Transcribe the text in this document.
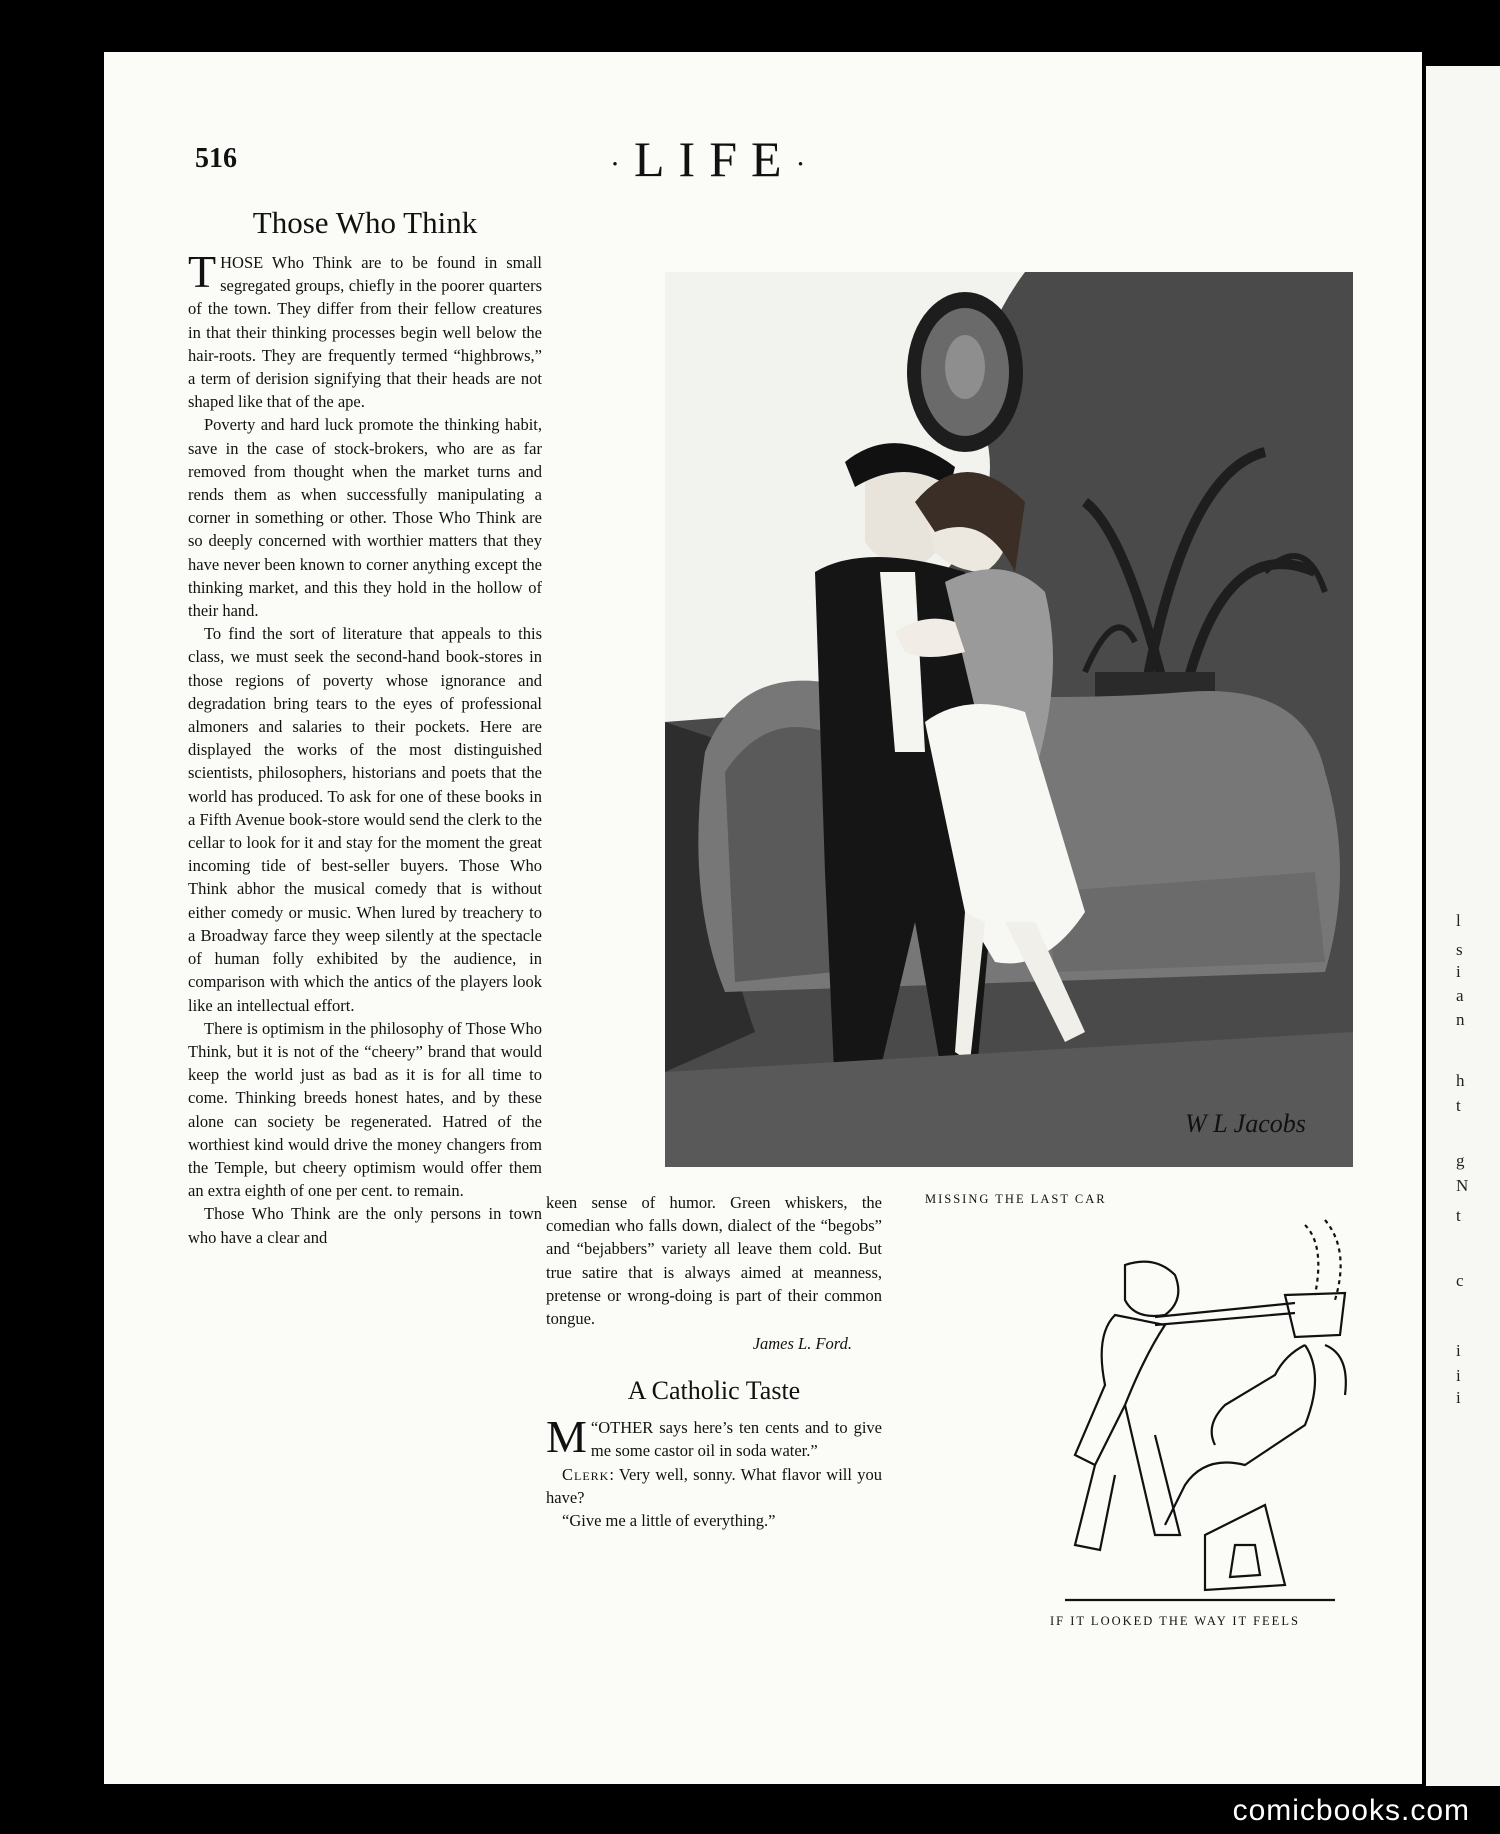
l
s
i
a
n
h
t
g
N
t
c
i
i
i
516	·LIFE·
Those Who Think

THOSE Who Think are to be found in small segregated groups, chiefly in the poorer quarters of the town. They differ from their fellow creatures in that their thinking processes begin well below the hair-roots. They are frequently termed “highbrows,” a term of derision signifying that their heads are not shaped like that of the ape.

Poverty and hard luck promote the thinking habit, save in the case of stock-brokers, who are as far removed from thought when the market turns and rends them as when successfully manipulating a corner in something or other. Those Who Think are so deeply concerned with worthier matters that they have never been known to corner anything except the thinking market, and this they hold in the hollow of their hand.

To find the sort of literature that appeals to this class, we must seek the second-hand book-stores in those regions of poverty whose ignorance and degradation bring tears to the eyes of professional almoners and salaries to their pockets. Here are displayed the works of the most distinguished scientists, philosophers, historians and poets that the world has produced. To ask for one of these books in a Fifth Avenue book-store would send the clerk to the cellar to look for it and stay for the moment the great incoming tide of best-seller buyers. Those Who Think abhor the musical comedy that is without either comedy or music. When lured by treachery to a Broadway farce they weep silently at the spectacle of human folly exhibited by the audience, in comparison with which the antics of the players look like an intellectual effort.

There is optimism in the philosophy of Those Who Think, but it is not of the “cheery” brand that would keep the world just as bad as it is for all time to come. Thinking breeds honest hates, and by these alone can society be regenerated. Hatred of the worthiest kind would drive the money changers from the Temple, but cheery optimism would offer them an extra eighth of one per cent. to remain.

Those Who Think are the only persons in town who have a clear and

keen sense of humor. Green whiskers, the comedian who falls down, dialect of the “begobs” and “bejabbers” variety all leave them cold. But true satire that is always aimed at meanness, pretense or wrong-doing is part of their common tongue.

James L. Ford.
A Catholic Taste

“
M OTHER says here’s ten cents and to give me some castor oil in soda water.”

Clerk: Very well, sonny. What flavor will you have?

“Give me a little of everything.”

W L Jacobs
MISSING THE LAST CAR
IF IT LOOKED THE WAY IT FEELS
comicbooks.com
